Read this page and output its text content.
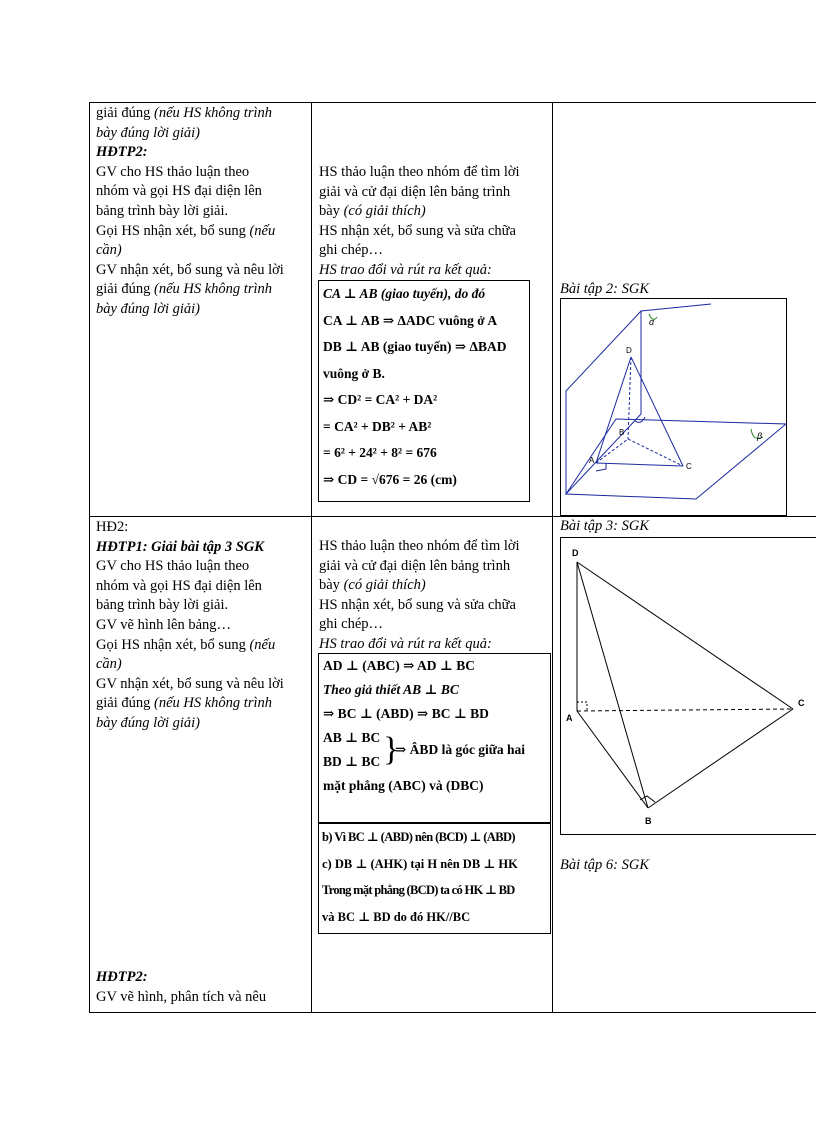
giải đúng (nếu HS không trình

bày đúng lời giải)

HĐTP2:

GV cho HS thảo luận theo

nhóm và gọi HS đại diện lên

bảng trình bày lời giải.

Gọi HS nhận xét, bổ sung (nếu

cần)

GV nhận xét, bổ sung và nêu lời

giải đúng (nếu HS không trình

bày đúng lời giải)

HS thảo luận theo nhóm để tìm lời

giải và cử đại diện lên bảng trình

bày (có giải thích)

HS nhận xét, bổ sung và sửa chữa

ghi chép…

HS trao đổi và rút ra kết quả:

CA ⊥ AB (giao tuyến), do đó

CA ⊥ AB ⇒ ΔADC vuông ở A

DB ⊥ AB (giao tuyến) ⇒ ΔBAD

vuông ở B.

⇒ CD² = CA² + DA²

= CA² + DB² + AB²

= 6² + 24² + 8² = 676

⇒ CD = √676 = 26 (cm)

Bài tập 2: SGK
D
A
B
C
α
β

HĐ2:

HĐTP1: Giải bài tập 3 SGK

GV cho HS thảo luận theo

nhóm và gọi HS đại diện lên

bảng trình bày lời giải.

GV vẽ hình lên bảng…

Gọi HS nhận xét, bổ sung (nếu

cần)

GV nhận xét, bổ sung và nêu lời

giải đúng (nếu HS không trình

bày đúng lời giải)

HĐTP2:

GV vẽ hình, phân tích và nêu

HS thảo luận theo nhóm để tìm lời

giải và cử đại diện lên bảng trình

bày (có giải thích)

HS nhận xét, bổ sung và sửa chữa

ghi chép…

HS trao đổi và rút ra kết quả:

AD ⊥ (ABC) ⇒ AD ⊥ BC

Theo giả thiết AB ⊥ BC

⇒ BC ⊥ (ABD) ⇒ BC ⊥ BD

AB ⊥ BC

BD ⊥ BC }
⇒ ÂBD là góc giữa hai

mặt phẳng (ABC) và (DBC)

b) Vì BC ⊥ (ABD) nên (BCD) ⊥ (ABD)

c) DB ⊥ (AHK) tại H nên DB ⊥ HK

Trong mặt phẳng (BCD) ta có HK ⊥ BD

và BC ⊥ BD do đó HK//BC

Bài tập 3: SGK
D
A
B
C
Bài tập 6: SGK
